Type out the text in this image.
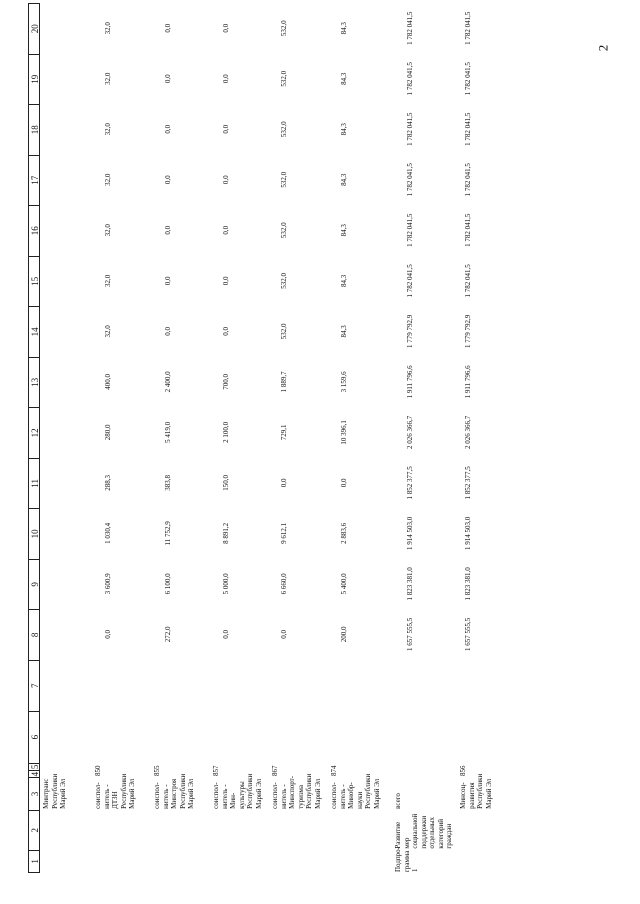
2
1
2
3
4
5
6
7
8
9
10
11
12
13
14
15
16
17
18
19
20
Минтранс Республики Марий Эл	соиспол-нитель - ДТЗН Республики Марий Эл
850
0,0
3 600,9
1 030,4
288,3
280,0
400,0
32,0
32,0
32,0
32,0
32,0
32,0
32,0
соиспол-нитель - Минстроя Республики Марий Эл
855
272,0
6 100,0
11 752,9
383,8
5 419,0
2 400,0
0,0
0,0
0,0
0,0
0,0
0,0
0,0
соиспол-нитель - Мин-культуры Республики Марий Эл
857
0,0
5 000,0
8 891,2
150,0
2 100,0
700,0
0,0
0,0
0,0
0,0
0,0
0,0
0,0
соиспол-нитель - Минспорт-туризма Республики Марий Эл
867
0,0
6 660,0
9 612,1
0,0
729,1
1 889,7
532,0
532,0
532,0
532,0
532,0
532,0
532,0
соиспол-нитель - Минобр-науки Республики Марий Эл
874
200,0
5 400,0
2 883,6
0,0
10 396,1
3 159,6
84,3
84,3
84,3
84,3
84,3
84,3
84,3
Подпро-грамма 1
Развитие мер социальной поддержки отдельных категорий граждан
всего
1 657 555,5
1 823 381,0
1 914 503,0
1 852 377,5
2 026 366,7
1 911 796,6
1 779 792,9
1 782 041,5
1 782 041,5
1 782 041,5
1 782 041,5
1 782 041,5
1 782 041,5
Минсоц-развития Республики Марий Эл
856
1 657 555,5
1 823 381,0
1 914 503,0
1 852 377,5
2 026 366,7
1 911 796,6
1 779 792,9
1 782 041,5
1 782 041,5
1 782 041,5
1 782 041,5
1 782 041,5
1 782 041,5
